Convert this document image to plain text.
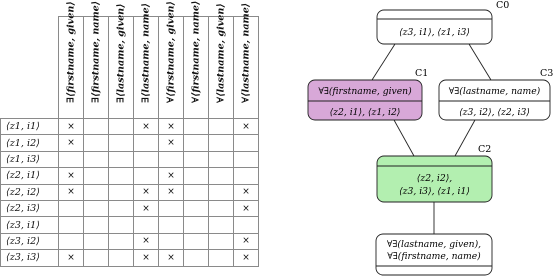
	∃⟨firstname, given⟩	∃⟨firstname, name⟩	∃⟨lastname, given⟩	∃⟨lastname, name⟩	∀⟨firstname, given⟩	∀⟨firstname, name⟩	∀⟨lastname, given⟩	∀⟨lastname, name⟩

⟨z1, i1⟩	×			×	×			×
⟨z1, i2⟩	×				×			
⟨z1, i3⟩								
⟨z2, i1⟩	×				×			
⟨z2, i2⟩	×			×	×			×
⟨z2, i3⟩				×				×
⟨z3, i1⟩								
⟨z3, i2⟩				×				×
⟨z3, i3⟩	×			×	×			×
⟨z3, i1⟩, ⟨z1, i3⟩
C0
∀∃(firstname, given)
⟨z2, i1⟩, ⟨z1, i2⟩
C1
∀∃(lastname, name)
⟨z3, i2⟩, ⟨z2, i3⟩
C3
⟨z2, i2⟩,
⟨z3, i3⟩, ⟨z1, i1⟩
C2
∀∃(lastname, given),
∀∃(firstname, name)
